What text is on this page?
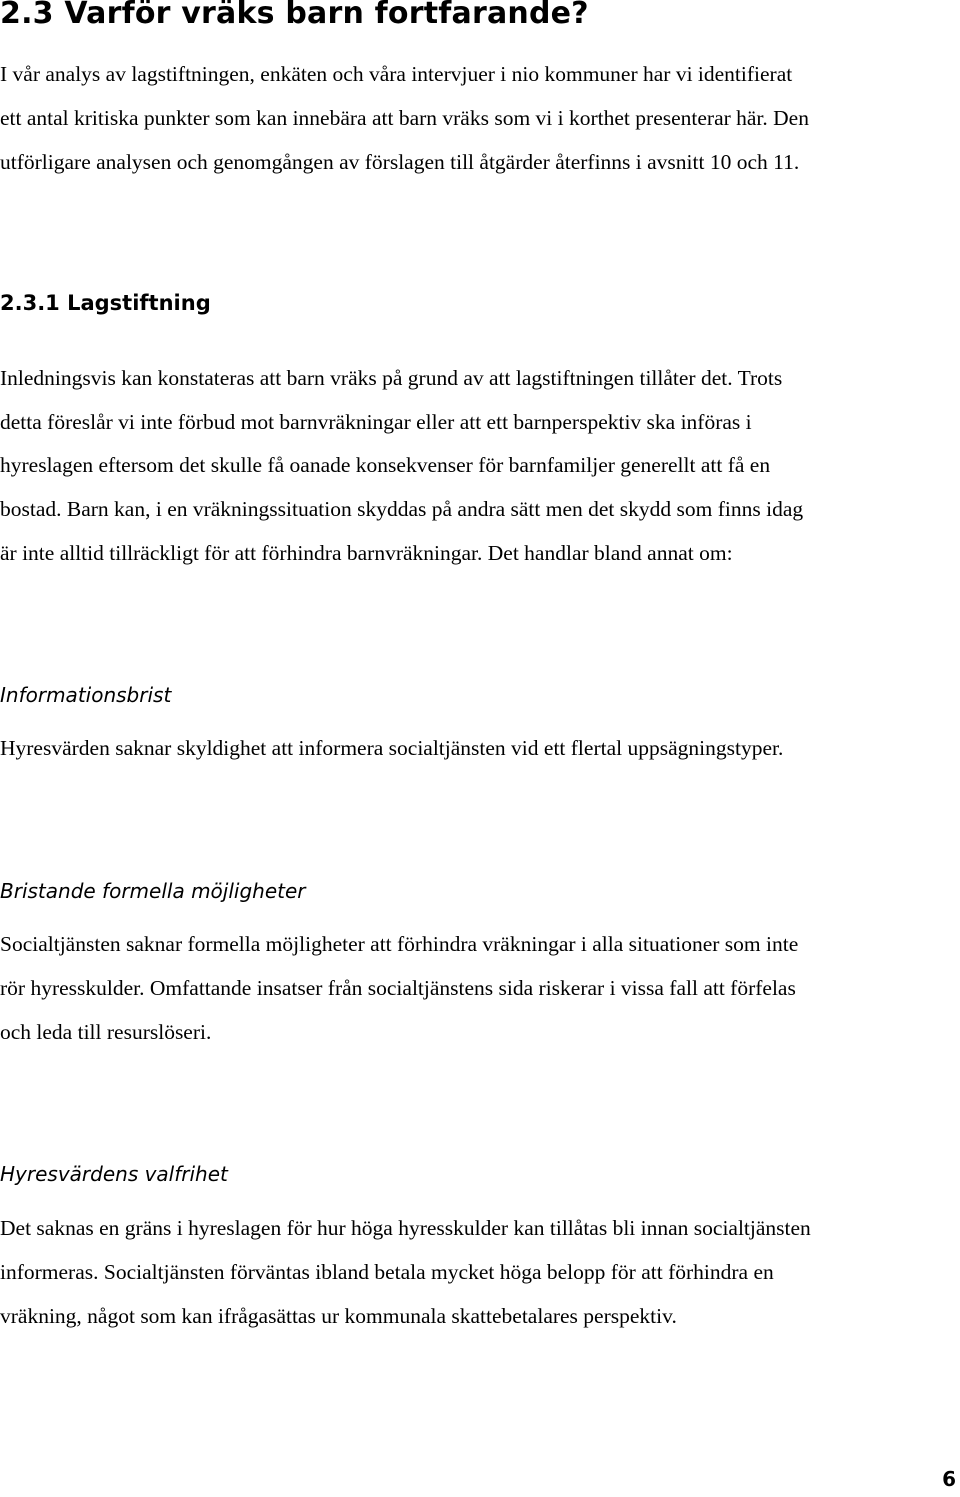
2.3 Varför vräks barn fortfarande?
I vår analys av lagstiftningen, enkäten och våra intervjuer i nio kommuner har vi identifierat
ett antal kritiska punkter som kan innebära att barn vräks som vi i korthet presenterar här. Den
utförligare analysen och genomgången av förslagen till åtgärder återfinns i avsnitt 10 och 11.
2.3.1 Lagstiftning
Inledningsvis kan konstateras att barn vräks på grund av att lagstiftningen tillåter det. Trots
detta föreslår vi inte förbud mot barnvräkningar eller att ett barnperspektiv ska införas i
hyreslagen eftersom det skulle få oanade konsekvenser för barnfamiljer generellt att få en
bostad. Barn kan, i en vräkningssituation skyddas på andra sätt men det skydd som finns idag
är inte alltid tillräckligt för att förhindra barnvräkningar. Det handlar bland annat om:
Informationsbrist
Hyresvärden saknar skyldighet att informera socialtjänsten vid ett flertal uppsägningstyper.
Bristande formella möjligheter
Socialtjänsten saknar formella möjligheter att förhindra vräkningar i alla situationer som inte
rör hyresskulder. Omfattande insatser från socialtjänstens sida riskerar i vissa fall att förfelas
och leda till resurslöseri.
Hyresvärdens valfrihet
Det saknas en gräns i hyreslagen för hur höga hyresskulder kan tillåtas bli innan socialtjänsten
informeras. Socialtjänsten förväntas ibland betala mycket höga belopp för att förhindra en
vräkning, något som kan ifrågasättas ur kommunala skattebetalares perspektiv.
6
